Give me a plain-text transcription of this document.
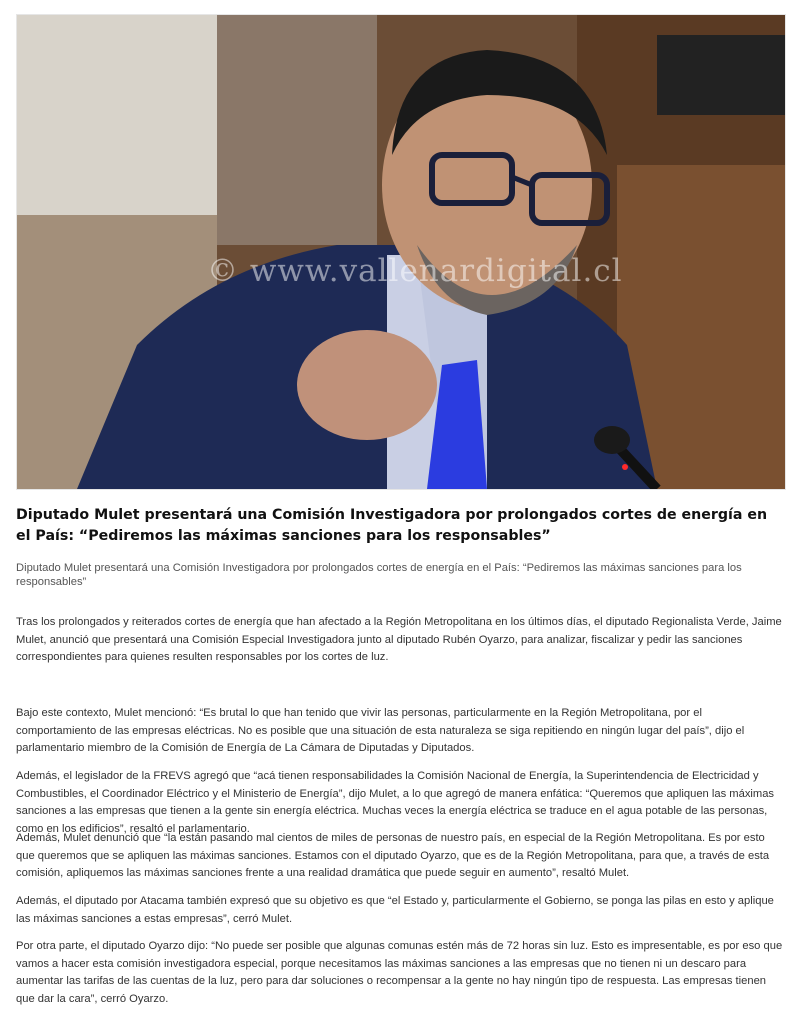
© www.vallenardigital.cl
Diputado Mulet presentará una Comisión Investigadora por prolongados cortes de energía en el País: “Pediremos las máximas sanciones para los responsables”

Diputado Mulet presentará una Comisión Investigadora por prolongados cortes de energía en el País: “Pediremos las máximas sanciones para los responsables”

Tras los prolongados y reiterados cortes de energía que han afectado a la Región Metropolitana en los últimos días, el diputado Regionalista Verde, Jaime Mulet, anunció que presentará una Comisión Especial Investigadora junto al diputado Rubén Oyarzo, para analizar, fiscalizar y pedir las sanciones correspondientes para quienes resulten responsables por los cortes de luz.

Bajo este contexto, Mulet mencionó: “Es brutal lo que han tenido que vivir las personas, particularmente en la Región Metropolitana, por el comportamiento de las empresas eléctricas. No es posible que una situación de esta naturaleza se siga repitiendo en ningún lugar del país”, dijo el parlamentario miembro de la Comisión de Energía de La Cámara de Diputadas y Diputados.

Además, el legislador de la FREVS agregó que “acá tienen responsabilidades la Comisión Nacional de Energía, la Superintendencia de Electricidad y Combustibles, el Coordinador Eléctrico y el Ministerio de Energía”, dijo Mulet, a lo que agregó de manera enfática: “Queremos que apliquen las máximas sanciones a las empresas que tienen a la gente sin energía eléctrica. Muchas veces la energía eléctrica se traduce en el agua potable de las personas, como en los edificios”, resaltó el parlamentario.

Además, Mulet denunció que “la están pasando mal cientos de miles de personas de nuestro país, en especial de la Región Metropolitana. Es por esto que queremos que se apliquen las máximas sanciones. Estamos con el diputado Oyarzo, que es de la Región Metropolitana, para que, a través de esta comisión, apliquemos las máximas sanciones frente a una realidad dramática que puede seguir en aumento”, resaltó Mulet.

Además, el diputado por Atacama también expresó que su objetivo es que “el Estado y, particularmente el Gobierno, se ponga las pilas en esto y aplique las máximas sanciones a estas empresas”, cerró Mulet.

Por otra parte, el diputado Oyarzo dijo: “No puede ser posible que algunas comunas estén más de 72 horas sin luz. Esto es impresentable, es por eso que vamos a hacer esta comisión investigadora especial, porque necesitamos las máximas sanciones a las empresas que no tienen ni un descaro para aumentar las tarifas de las cuentas de la luz, pero para dar soluciones o recompensar a la gente no hay ningún tipo de respuesta. Las empresas tienen que dar la cara”, cerró Oyarzo.
